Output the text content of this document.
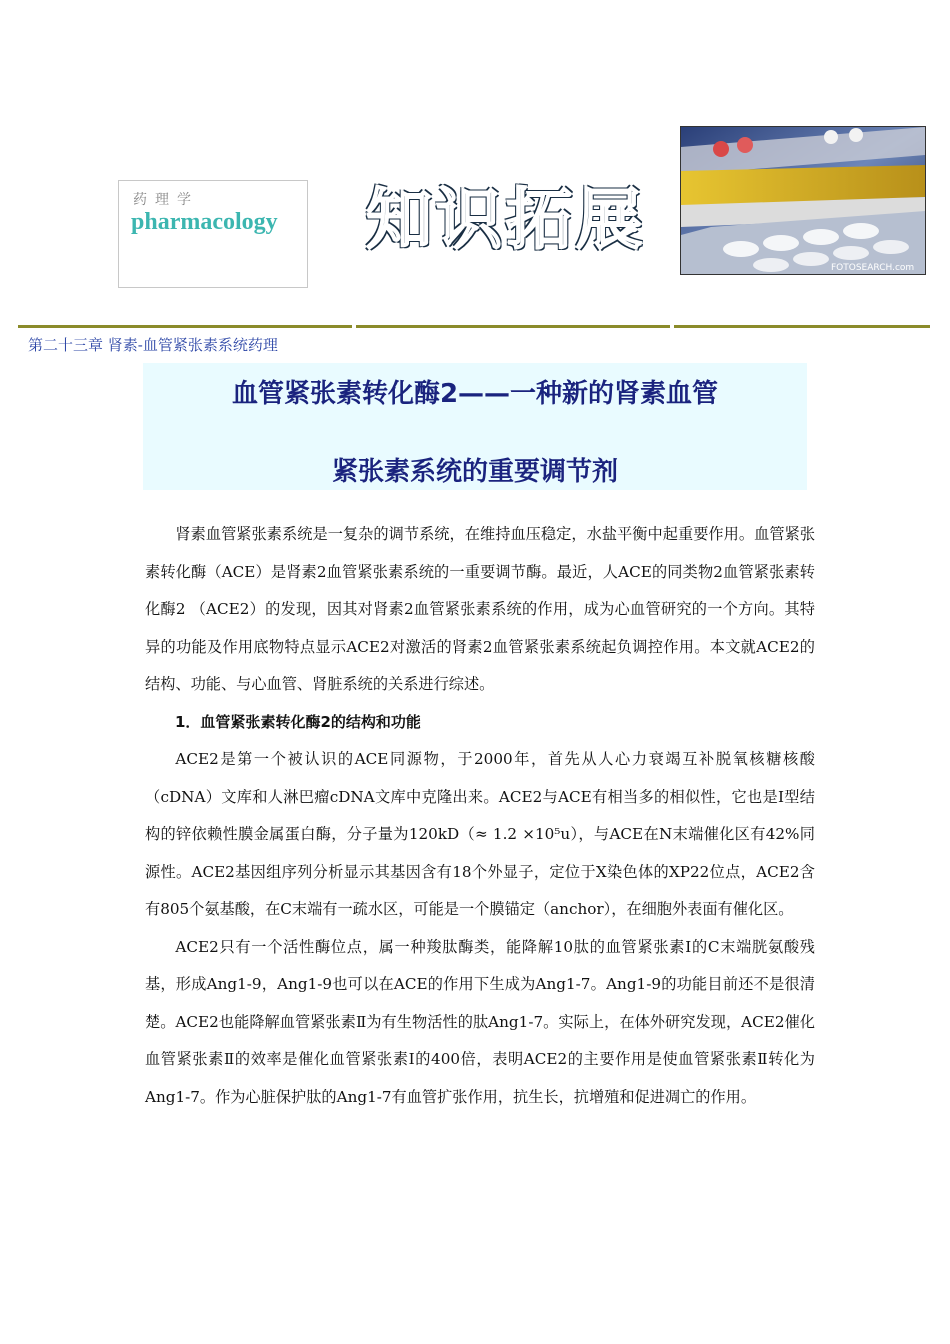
药理学
pharmacology 知识拓展
FOTOSEARCH.com
第二十三章 肾素-血管紧张素系统药理
血管紧张素转化酶2——一种新的肾素血管
紧张素系统的重要调节剂

肾素血管紧张素系统是一复杂的调节系统，在维持血压稳定，水盐平衡中起重要作用。血管紧张素转化酶（ACE）是肾素2血管紧张素系统的一重要调节酶。最近，人ACE的同类物2血管紧张素转化酶2 （ACE2）的发现，因其对肾素2血管紧张素系统的作用，成为心血管研究的一个方向。其特异的功能及作用底物特点显示ACE2对激活的肾素2血管紧张素系统起负调控作用。本文就ACE2的结构、功能、与心血管、肾脏系统的关系进行综述。

1．血管紧张素转化酶2的结构和功能

ACE2是第一个被认识的ACE同源物，于2000年，首先从人心力衰竭互补脱氧核糖核酸（cDNA）文库和人淋巴瘤cDNA文库中克隆出来。ACE2与ACE有相当多的相似性，它也是Ⅰ型结构的锌依赖性膜金属蛋白酶，分子量为120kD（≈ 1.2 ×10⁵u），与ACE在N末端催化区有42%同源性。ACE2基因组序列分析显示其基因含有18个外显子，定位于X染色体的XP22位点，ACE2含有805个氨基酸，在C末端有一疏水区，可能是一个膜锚定（anchor），在细胞外表面有催化区。

ACE2只有一个活性酶位点，属一种羧肽酶类，能降解10肽的血管紧张素Ⅰ的C末端胱氨酸残基，形成Ang1-9，Ang1-9也可以在ACE的作用下生成为Ang1-7。Ang1-9的功能目前还不是很清楚。ACE2也能降解血管紧张素Ⅱ为有生物活性的肽Ang1-7。实际上，在体外研究发现，ACE2催化血管紧张素Ⅱ的效率是催化血管紧张素Ⅰ的400倍，表明ACE2的主要作用是使血管紧张素Ⅱ转化为Ang1-7。作为心脏保护肽的Ang1-7有血管扩张作用，抗生长，抗增殖和促进凋亡的作用。
